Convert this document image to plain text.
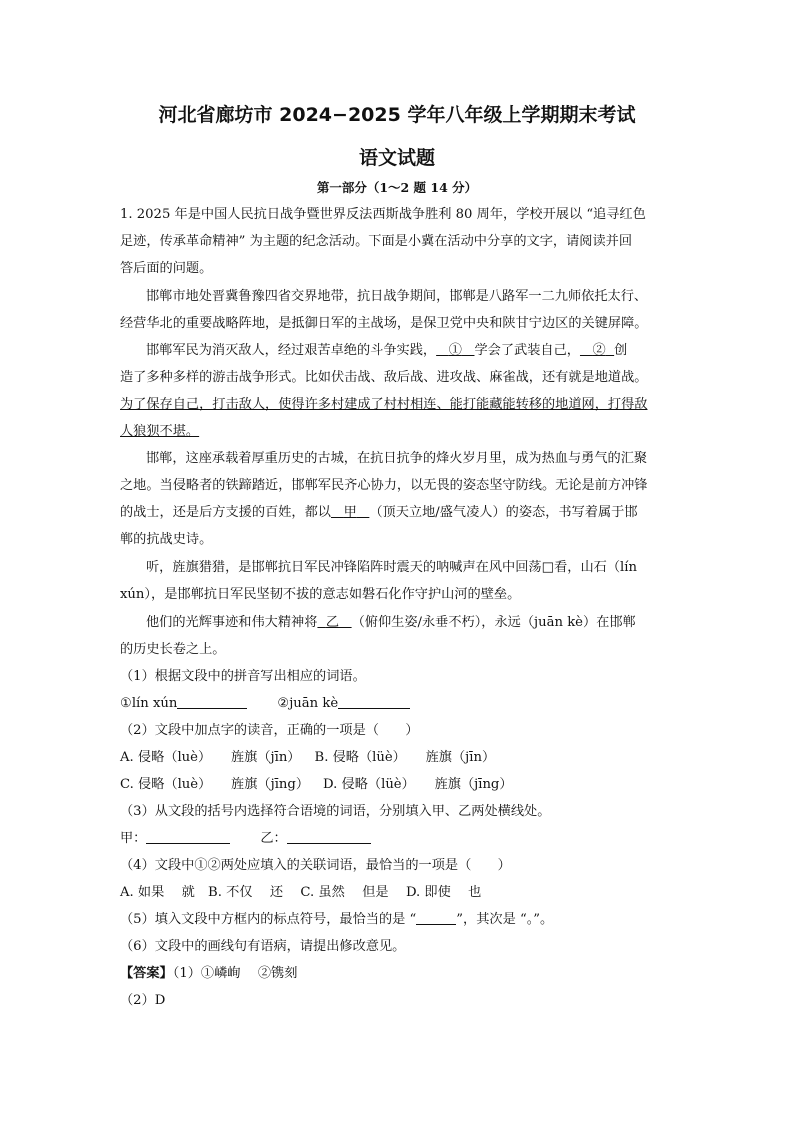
河北省廊坊市 2024−2025 学年八年级上学期期末考试
语文试题
第一部分（1～2 题 14 分）
1. 2025 年是中国人民抗日战争暨世界反法西斯战争胜利 80 周年，学校开展以 “追寻红色
足迹，传承革命精神” 为主题的纪念活动。下面是小冀在活动中分享的文字，请阅读并回
答后面的问题。
邯郸市地处晋冀鲁豫四省交界地带，抗日战争期间，邯郸是八路军一二九师依托太行、
经营华北的重要战略阵地，是抵御日军的主战场，是保卫党中央和陕甘宁边区的关键屏障。
邯郸军民为消灭敌人，经过艰苦卓绝的斗争实践， ① 学会了武装自己， ② 创
造了多种多样的游击战争形式。比如伏击战、敌后战、进攻战、麻雀战，还有就是地道战。
为了保存自己，打击敌人，使得许多村建成了村村相连、能打能藏能转移的地道网，打得敌
人狼狈不堪。
邯郸，这座承载着厚重历史的古城，在抗日抗争的烽火岁月里，成为热血与勇气的汇聚
之地。当侵略者的铁蹄踏近，邯郸军民齐心协力，以无畏的姿态坚守防线。无论是前方冲锋
的战士，还是后方支援的百姓，都以 甲 （顶天立地/盛气凌人）的姿态，书写着属于邯
郸的抗战史诗。
听，旌旗猎猎，是邯郸抗日军民冲锋陷阵时震天的呐喊声在风中回荡□看，山石（lín
xún），是邯郸抗日军民坚韧不拔的意志如磐石化作守护山河的壁垒。
他们的光辉事迹和伟大精神将 乙 （俯仰生姿/永垂不朽），永远（juān kè）在邯郸
的历史长卷之上。
（1）根据文段中的拼音写出相应的词语。
①lín xún	②juān kè
（2）文段中加点字的读音，正确的一项是（　　）
A. 侵略（luè）　　旌旗（jīn） B. 侵略（lüè）　　旌旗（jīn）
C. 侵略（luè）　　旌旗（jīng） D. 侵略（lüè）　　旌旗（jīng）
（3）从文段的括号内选择符合语境的词语，分别填入甲、乙两处横线处。
甲：	乙：
（4）文段中①②两处应填入的关联词语，最恰当的一项是（　　）
A. 如果　 就　B. 不仅　 还　 C. 虽然　 但是　 D. 即使　 也
（5）填入文段中方框内的标点符号，最恰当的是 “	”，其次是 “。”。
（6）文段中的画线句有语病，请提出修改意见。
【答案】（1）①嶙峋　 ②镌刻
（2）D
